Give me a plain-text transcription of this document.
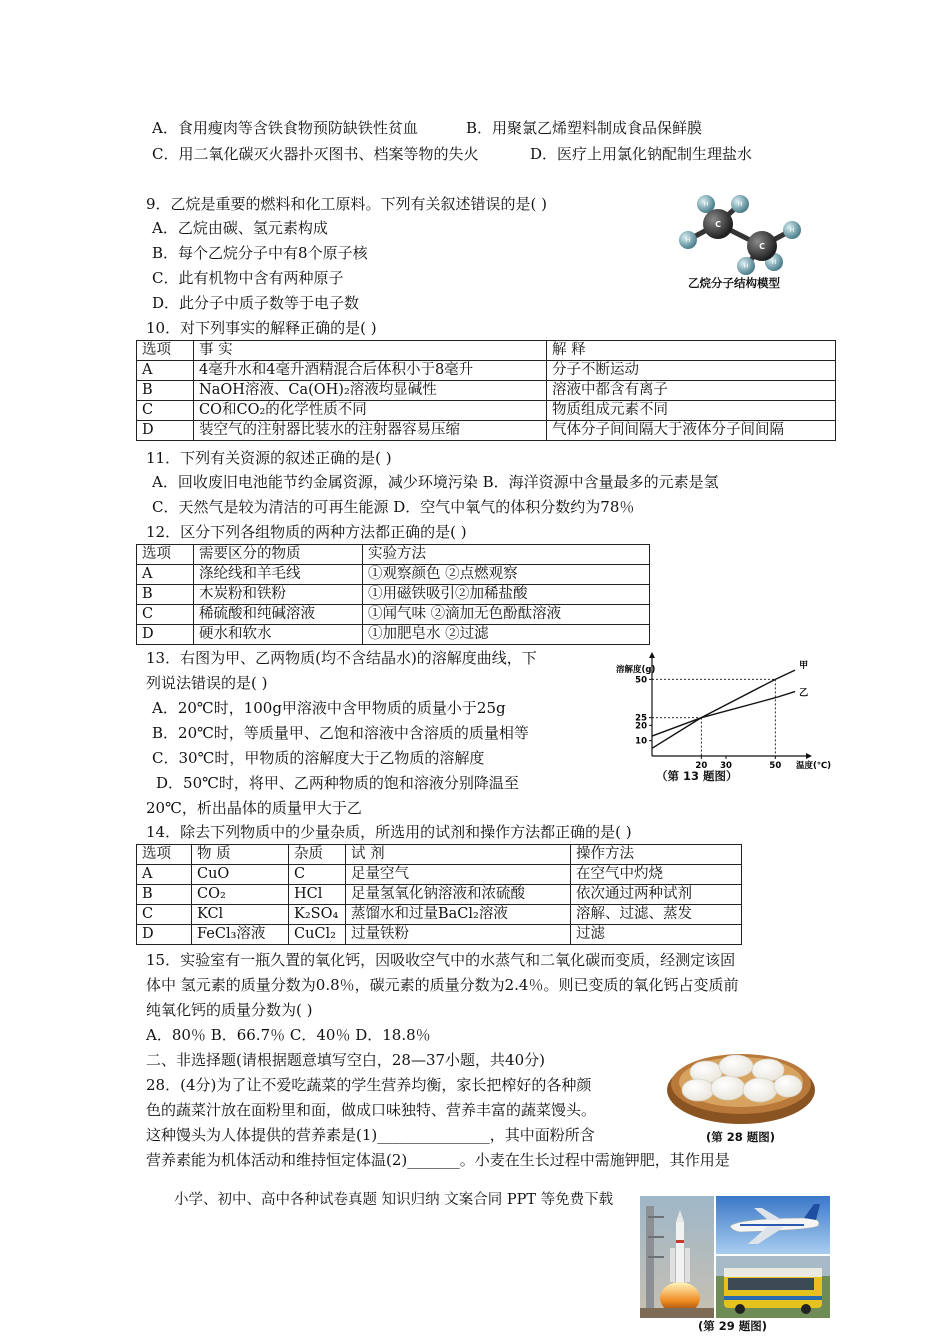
A．食用瘦肉等含铁食物预防缺铁性贫血	B．用聚氯乙烯塑料制成食品保鲜膜
C．用二氧化碳灭火器扑灭图书、档案等物的失火	D．医疗上用氯化钠配制生理盐水
9．乙烷是重要的燃料和化工原料。下列有关叙述错误的是( )
A．乙烷由碳、氢元素构成
B．每个乙烷分子中有8个原子核
C．此有机物中含有两种原子
D．此分子中质子数等于电子数
C
C
H	H
H
H
H
H
乙烷分子结构模型
10．对下列事实的解释正确的是( )
选项	事 实	解 释
A	4毫升水和4毫升酒精混合后体积小于8毫升	分子不断运动
B	NaOH溶液、Ca(OH)₂溶液均显碱性	溶液中都含有离子
C	CO和CO₂的化学性质不同	物质组成元素不同
D	装空气的注射器比装水的注射器容易压缩	气体分子间间隔大于液体分子间间隔
11．下列有关资源的叙述正确的是( )
A．回收废旧电池能节约金属资源，减少环境污染 B．海洋资源中含量最多的元素是氢
C．天然气是较为清洁的可再生能源 D．空气中氧气的体积分数约为78％
12．区分下列各组物质的两种方法都正确的是( )
选项	需要区分的物质	实验方法
A	涤纶线和羊毛线	①观察颜色 ②点燃观察
B	木炭粉和铁粉	①用磁铁吸引②加稀盐酸
C	稀硫酸和纯碱溶液	①闻气味 ②滴加无色酚酞溶液
D	硬水和软水	①加肥皂水 ②过滤
13．右图为甲、乙两物质(均不含结晶水)的溶解度曲线，下
列说法错误的是( )
A．20℃时，100g甲溶液中含甲物质的质量小于25g
B．20℃时，等质量甲、乙饱和溶液中含溶质的质量相等
C．30℃时，甲物质的溶解度大于乙物质的溶解度
D．50℃时，将甲、乙两种物质的饱和溶液分别降温至
20℃，析出晶体的质量甲大于乙
溶解度(g)
10
20
25
50
20 30	50
甲
乙
温度(℃)
（第 13 题图）
14．除去下列物质中的少量杂质，所选用的试剂和操作方法都正确的是( )
选项	物 质	杂质	试 剂	操作方法
A	CuO	C	足量空气	在空气中灼烧
B	CO₂	HCl	足量氢氧化钠溶液和浓硫酸	依次通过两种试剂
C	KCl	K₂SO₄	蒸馏水和过量BaCl₂溶液	溶解、过滤、蒸发
D	FeCl₃溶液	CuCl₂	过量铁粉	过滤
15．实验室有一瓶久置的氧化钙，因吸收空气中的水蒸气和二氧化碳而变质，经测定该固
体中 氢元素的质量分数为0.8％，碳元素的质量分数为2.4％。则已变质的氧化钙占变质前
纯氧化钙的质量分数为( )
A．80％ B．66.7％ C．40％ D．18.8％
二、非选择题(请根据题意填写空白，28—37小题，共40分)
28．(4分)为了让不爱吃蔬菜的学生营养均衡，家长把榨好的各种颜
色的蔬菜汁放在面粉里和面，做成口味独特、营养丰富的蔬菜馒头。
这种馒头为人体提供的营养素是(1)_______________，其中面粉所含
营养素能为机体活动和维持恒定体温(2)_______。小麦在生长过程中需施钾肥，其作用是
(第 28 题图)
小学、初中、高中各种试卷真题 知识归纳 文案合同 PPT 等免费下载
(第 29 题图)
